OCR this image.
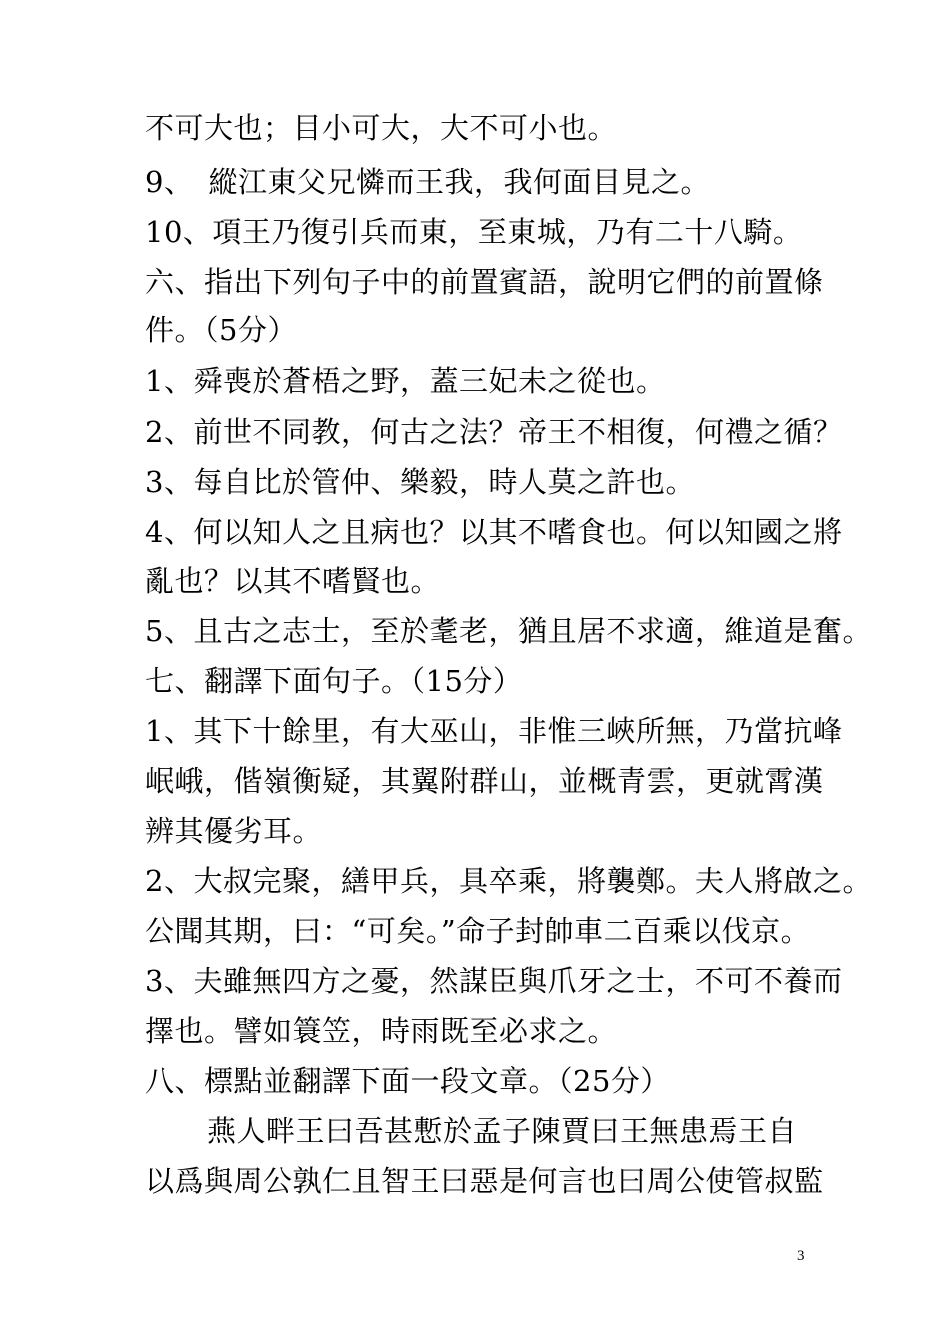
不可大也；目小可大，大不可小也。
9、　縱江東父兄憐而王我，我何面目見之。
10、項王乃復引兵而東，至東城，乃有二十八騎。
六、指出下列句子中的前置賓語，說明它們的前置條
件。（5分）
1、舜喪於蒼梧之野，蓋三妃未之從也。
2、前世不同教，何古之法？帝王不相復，何禮之循？
3、每自比於管仲、樂毅，時人莫之許也。
4、何以知人之且病也？以其不嗜食也。何以知國之將
亂也？以其不嗜賢也。
5、且古之志士，至於耄老，猶且居不求適，維道是奮。
七、翻譯下面句子。（15分）
1、其下十餘里，有大巫山，非惟三峽所無，乃當抗峰
岷峨，偕嶺衡疑，其翼附群山，並概青雲，更就霄漢
辨其優劣耳。
2、大叔完聚，繕甲兵，具卒乘，將襲鄭。夫人將啟之。
公聞其期，曰：“可矣。”命子封帥車二百乘以伐京。
3、夫雖無四方之憂，然謀臣與爪牙之士，不可不養而
擇也。譬如簑笠，時雨既至必求之。
八、標點並翻譯下面一段文章。（25分）
燕人畔王曰吾甚慙於孟子陳賈曰王無患焉王自
以爲與周公孰仁且智王曰惡是何言也曰周公使管叔監
3
